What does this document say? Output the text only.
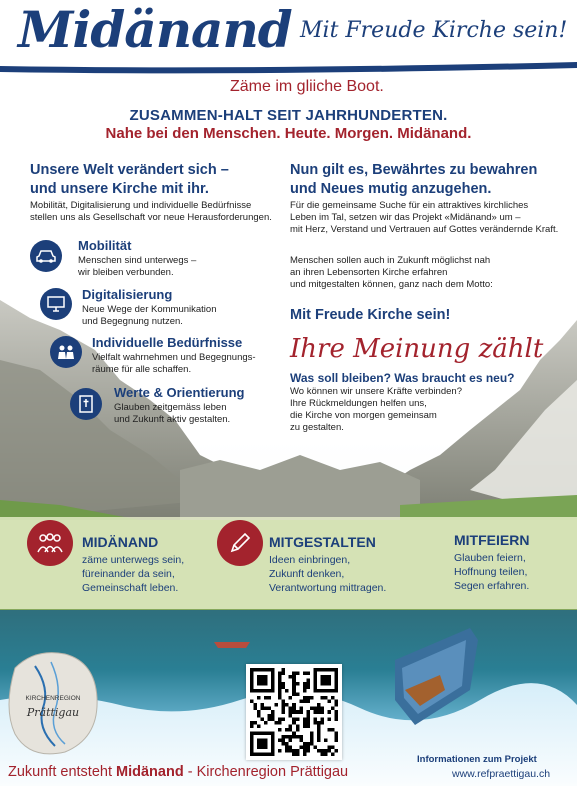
Midänand Mit Freude Kirche sein!
Zäme im gliiche Boot.
ZUSAMMEN-HALT SEIT JAHRHUNDERTEN.
Nahe bei den Menschen. Heute. Morgen. Midänand.
Unsere Welt verändert sich –
und unsere Kirche mit ihr.
Mobilität, Digitalisierung und individuelle Bedürfnisse
stellen uns als Gesellschaft vor neue Herausforderungen.
Mobilität
Menschen sind unterwegs –
wir bleiben verbunden.
Digitalisierung
Neue Wege der Kommunikation
und Begegnung nutzen.
Individuelle Bedürfnisse
Vielfalt wahrnehmen und Begegnungs-
räume für alle schaffen.
Werte & Orientierung
Glauben zeitgemäss leben
und Zukunft aktiv gestalten.
Nun gilt es, Bewährtes zu bewahren
und Neues mutig anzugehen.
Für die gemeinsame Suche für ein attraktives kirchliches
Leben im Tal, setzen wir das Projekt «Midänand» um –
mit Herz, Verstand und Vertrauen auf Gottes verändernde Kraft.
Menschen sollen auch in Zukunft möglichst nah
an ihren Lebensorten Kirche erfahren
und mitgestalten können, ganz nach dem Motto:
Mit Freude Kirche sein!
Ihre Meinung zählt
Was soll bleiben? Was braucht es neu?
Wo können wir unsere Kräfte verbinden?
Ihre Rückmeldungen helfen uns,
die Kirche von morgen gemeinsam
zu gestalten.
MIDÄNAND
zäme unterwegs sein,
füreinander da sein,
Gemeinschaft leben.
MITGESTALTEN
Ideen einbringen,
Zukunft denken,
Verantwortung mittragen.
MITFEIERN
Glauben feiern,
Hoffnung teilen,
Segen erfahren.
KIRCHENREGION
Prättigau
Zukunft entsteht Midänand - Kirchenregion Prättigau
Informationen zum Projekt
www.refpraettigau.ch
